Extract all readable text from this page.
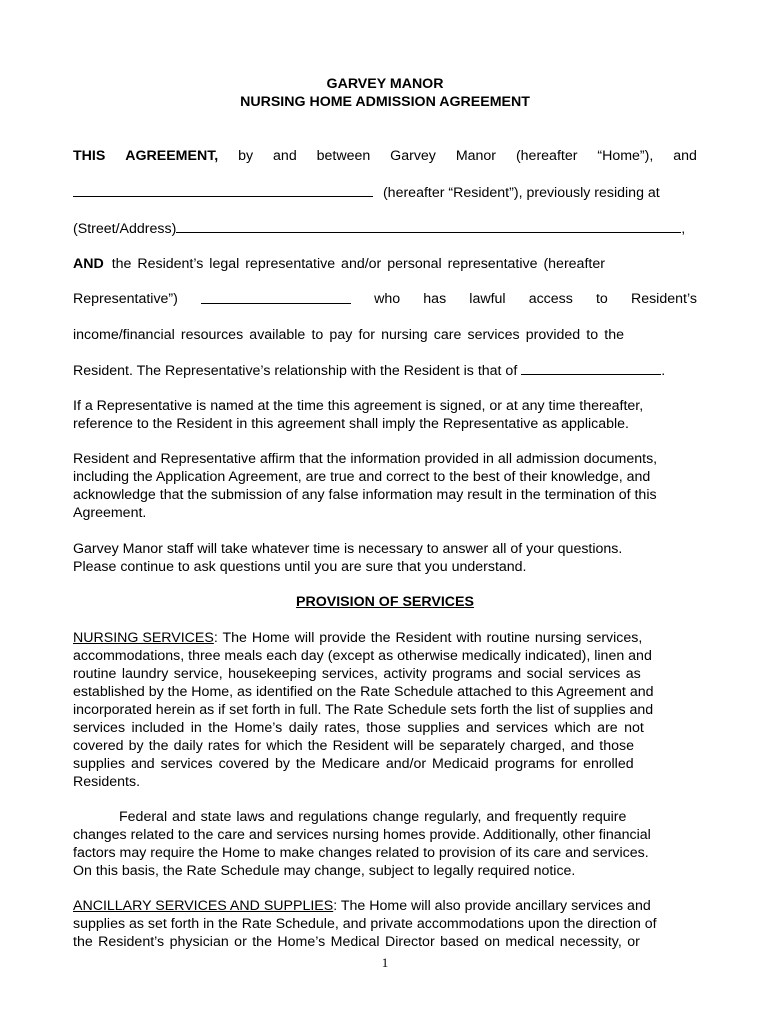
GARVEY MANOR
NURSING HOME ADMISSION AGREEMENT
THIS AGREEMENT, by and between Garvey Manor (hereafter “Home”), and
(hereafter “Resident”), previously residing at
(Street/Address)	,
AND the Resident’s legal representative and/or personal representative (hereafter
Representative”)	who has lawful access to Resident’s
income/financial resources available to pay for nursing care services provided to the
Resident. The Representative’s relationship with the Resident is that of	.
If a Representative is named at the time this agreement is signed, or at any time thereafter,
reference to the Resident in this agreement shall imply the Representative as applicable.
Resident and Representative affirm that the information provided in all admission documents,
including the Application Agreement, are true and correct to the best of their knowledge, and
acknowledge that the submission of any false information may result in the termination of this
Agreement.
Garvey Manor staff will take whatever time is necessary to answer all of your questions.
Please continue to ask questions until you are sure that you understand.
PROVISION OF SERVICES
NURSING SERVICES: The Home will provide the Resident with routine nursing services,
accommodations, three meals each day (except as otherwise medically indicated), linen and
routine laundry service, housekeeping services, activity programs and social services as
established by the Home, as identified on the Rate Schedule attached to this Agreement and
incorporated herein as if set forth in full. The Rate Schedule sets forth the list of supplies and
services included in the Home’s daily rates, those supplies and services which are not
covered by the daily rates for which the Resident will be separately charged, and those
supplies and services covered by the Medicare and/or Medicaid programs for enrolled
Residents.
Federal and state laws and regulations change regularly, and frequently require
changes related to the care and services nursing homes provide. Additionally, other financial
factors may require the Home to make changes related to provision of its care and services.
On this basis, the Rate Schedule may change, subject to legally required notice.
ANCILLARY SERVICES AND SUPPLIES: The Home will also provide ancillary services and
supplies as set forth in the Rate Schedule, and private accommodations upon the direction of
the Resident’s physician or the Home’s Medical Director based on medical necessity, or
1
